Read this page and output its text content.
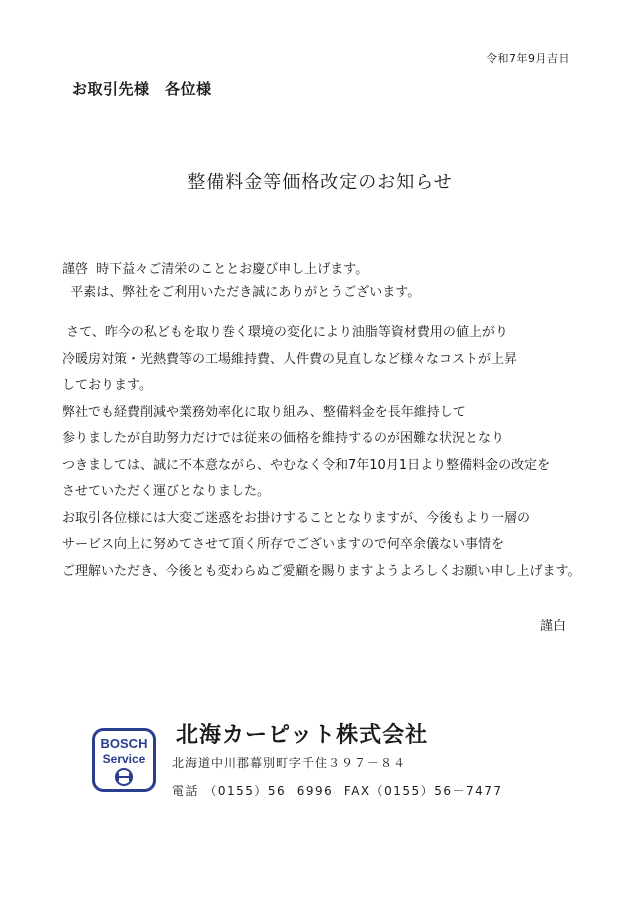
令和7年9月吉日
お取引先様　各位様
整備料金等価格改定のお知らせ

謹啓  時下益々ご清栄のこととお慶び申し上げます。

平素は、弊社をご利用いただき誠にありがとうございます。

さて、昨今の私どもを取り巻く環境の変化により油脂等資材費用の値上がり

冷暖房対策・光熱費等の工場維持費、人件費の見直しなど様々なコストが上昇

しております。

弊社でも経費削減や業務効率化に取り組み、整備料金を長年維持して

参りましたが自助努力だけでは従来の価格を維持するのが困難な状況となり

つきましては、誠に不本意ながら、やむなく令和7年10月1日より整備料金の改定を

させていただく運びとなりました。

お取引各位様には大変ご迷惑をお掛けすることとなりますが、今後もより一層の

サービス向上に努めてさせて頂く所存でございますので何卒余儀ない事情を

ご理解いただき、今後とも変わらぬご愛顧を賜りますようよろしくお願い申し上げます。

謹白
BOSCH
Service
北海カーピット株式会社
北海道中川郡幕別町字千住３９７－８４
電話 （0155）56  6996  FAX（0155）56－7477
